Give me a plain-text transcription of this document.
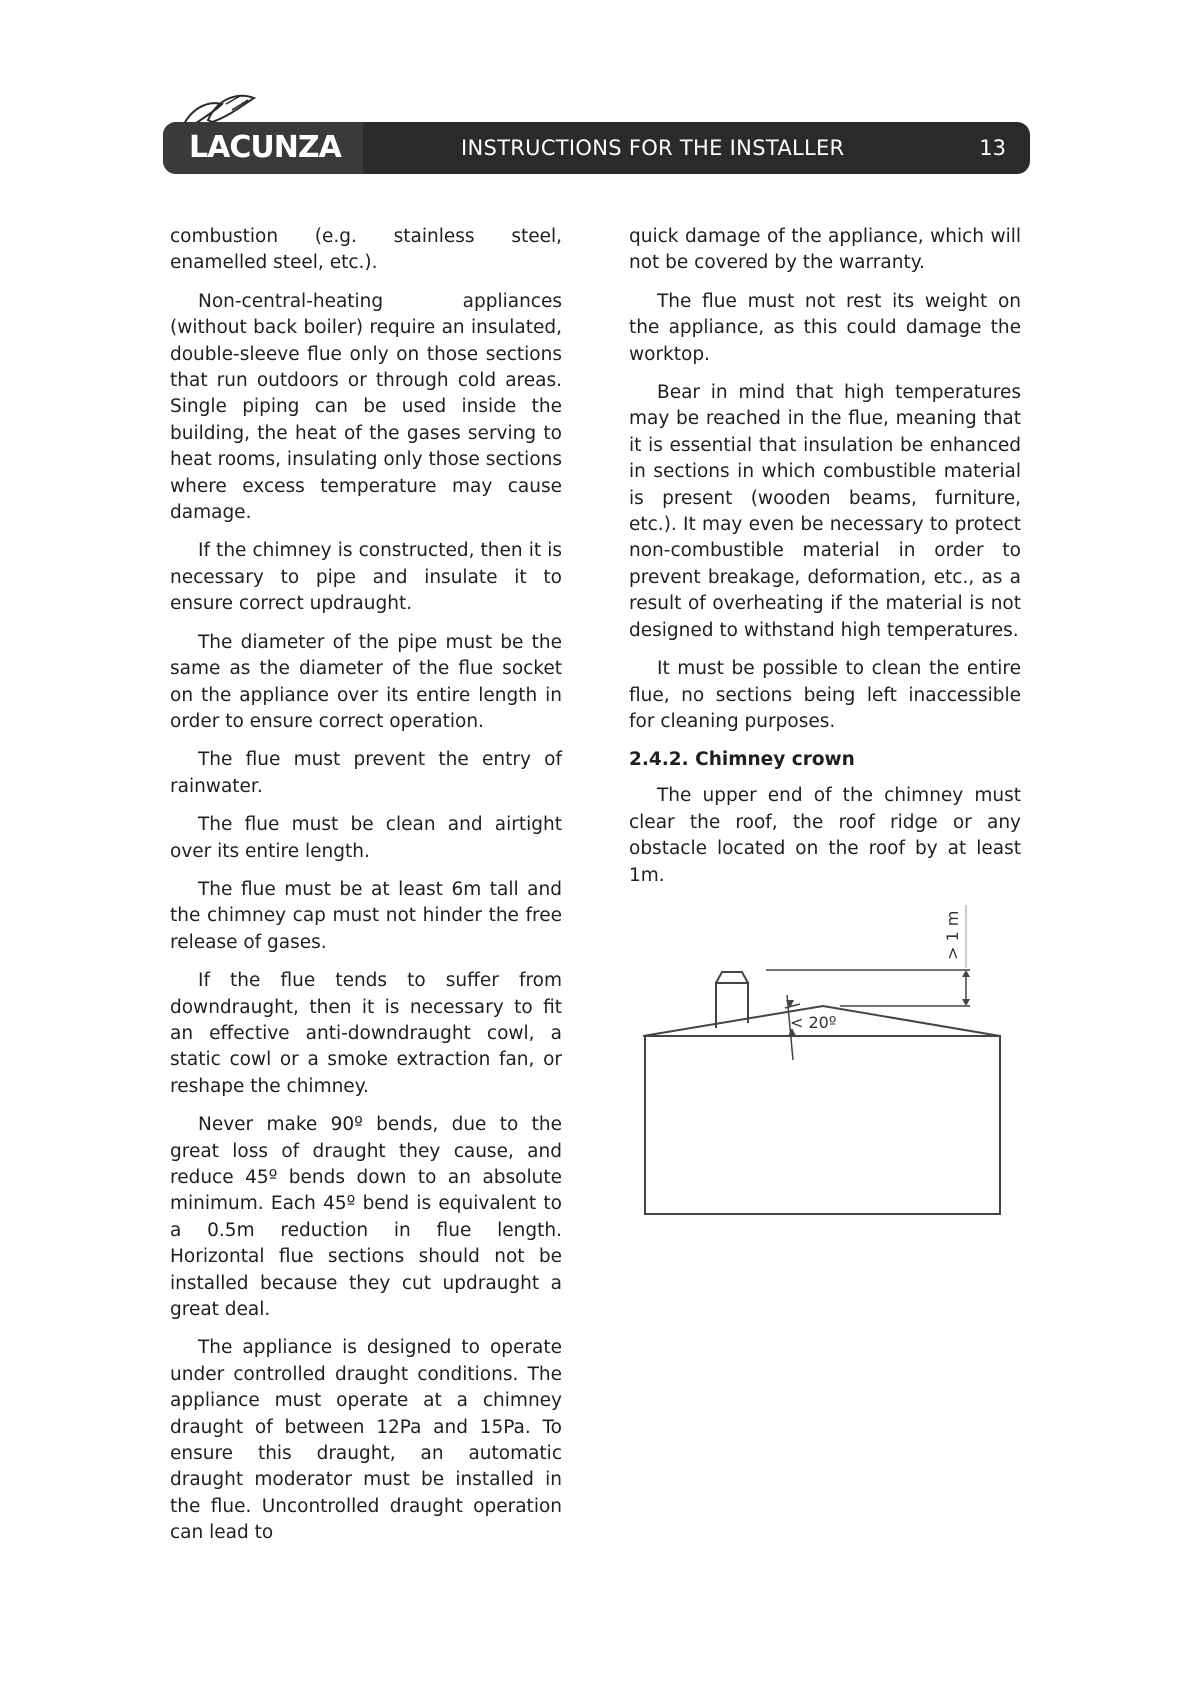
LACUNZA	INSTRUCTIONS FOR THE INSTALLER	13

combustion (e.g. stainless steel, enamelled steel, etc.).

Non-central-heating appliances (without back boiler) require an insulated, double-sleeve flue only on those sections that run outdoors or through cold areas. Single piping can be used inside the building, the heat of the gases serving to heat rooms, insulating only those sections where excess temperature may cause damage.

If the chimney is constructed, then it is necessary to pipe and insulate it to ensure correct updraught.

The diameter of the pipe must be the same as the diameter of the flue socket on the appliance over its entire length in order to ensure correct operation.

The flue must prevent the entry of rainwater.

The flue must be clean and airtight over its entire length.

The flue must be at least 6m tall and the chimney cap must not hinder the free release of gases.

If the flue tends to suffer from downdraught, then it is necessary to fit an effective anti-downdraught cowl, a static cowl or a smoke extraction fan, or reshape the chimney.

Never make 90º bends, due to the great loss of draught they cause, and reduce 45º bends down to an absolute minimum. Each 45º bend is equivalent to a 0.5m reduction in flue length. Horizontal flue sections should not be installed because they cut updraught a great deal.

The appliance is designed to operate under controlled draught conditions. The appliance must operate at a chimney draught of between 12Pa and 15Pa. To ensure this draught, an automatic draught moderator must be installed in the flue. Uncontrolled draught operation can lead to

quick damage of the appliance, which will not be covered by the warranty.

The flue must not rest its weight on the appliance, as this could damage the worktop.

Bear in mind that high temperatures may be reached in the flue, meaning that it is essential that insulation be enhanced in sections in which combustible material is present (wooden beams, furniture, etc.). It may even be necessary to protect non-combustible material in order to prevent breakage, deformation, etc., as a result of overheating if the material is not designed to withstand high temperatures.

It must be possible to clean the entire flue, no sections being left inaccessible for cleaning purposes.

2.4.2. Chimney crown

The upper end of the chimney must clear the roof, the roof ridge or any obstacle located on the roof by at least 1m.

< 20º
> 1 m
